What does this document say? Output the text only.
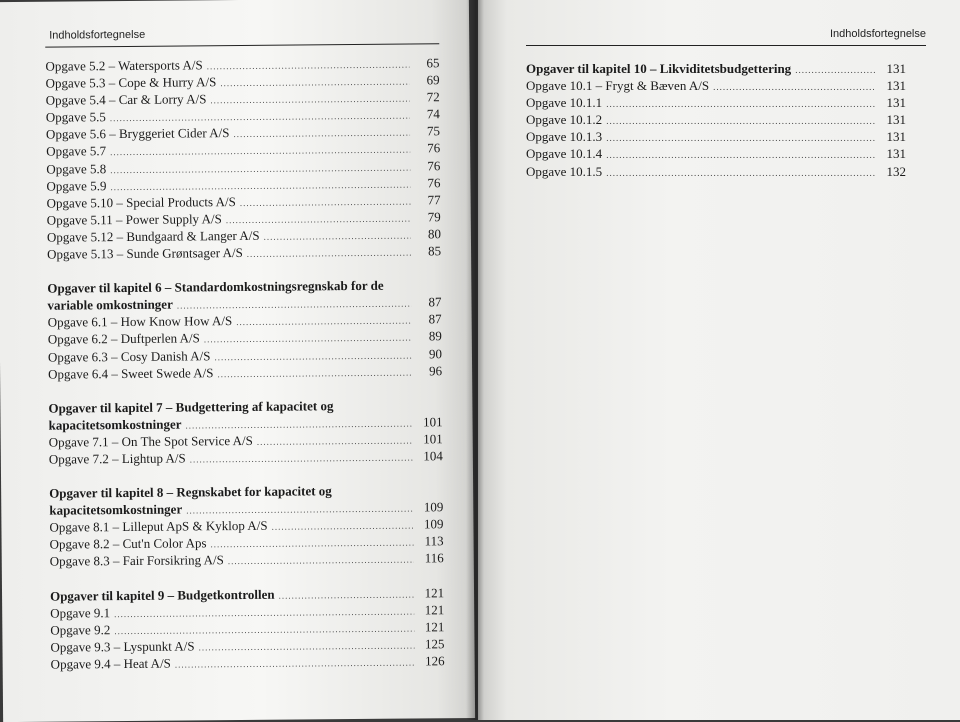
Indholdsfortegnelse
Opgave 5.2 – Watersports A/S .....	65
Opgave 5.3 – Cope & Hurry A/S .....	69
Opgave 5.4 – Car & Lorry A/S .....	72
Opgave 5.5 .....	74
Opgave 5.6 – Bryggeriet Cider A/S .....	75
Opgave 5.7 .....	76
Opgave 5.8 .....	76
Opgave 5.9 .....	76
Opgave 5.10 – Special Products A/S .....	77
Opgave 5.11 – Power Supply A/S .....	79
Opgave 5.12 – Bundgaard & Langer A/S .....	80
Opgave 5.13 – Sunde Grøntsager A/S .....	85
Opgaver til kapitel 6 – Standardomkostningsregnskab for de
variable omkostninger .....	87
Opgave 6.1 – How Know How A/S .....	87
Opgave 6.2 – Duftperlen A/S .....	89
Opgave 6.3 – Cosy Danish A/S .....	90
Opgave 6.4 – Sweet Swede A/S .....	96
Opgaver til kapitel 7 – Budgettering af kapacitet og
kapacitetsomkostninger .....	101
Opgave 7.1 – On The Spot Service A/S .....	101
Opgave 7.2 – Lightup A/S .....	104
Opgaver til kapitel 8 – Regnskabet for kapacitet og
kapacitetsomkostninger .....	109
Opgave 8.1 – Lilleput ApS & Kyklop A/S .....	109
Opgave 8.2 – Cut'n Color Aps .....	113
Opgave 8.3 – Fair Forsikring A/S .....	116
Opgaver til kapitel 9 – Budgetkontrollen .....	121
Opgave 9.1 .....	121
Opgave 9.2 .....	121
Opgave 9.3 – Lyspunkt A/S .....	125
Opgave 9.4 – Heat A/S .....	126
Indholdsfortegnelse
Opgaver til kapitel 10 – Likviditetsbudgettering .....	131
Opgave 10.1 – Frygt & Bæven A/S .....	131
Opgave 10.1.1 .....	131
Opgave 10.1.2 .....	131
Opgave 10.1.3 .....	131
Opgave 10.1.4 .....	131
Opgave 10.1.5 .....	132
